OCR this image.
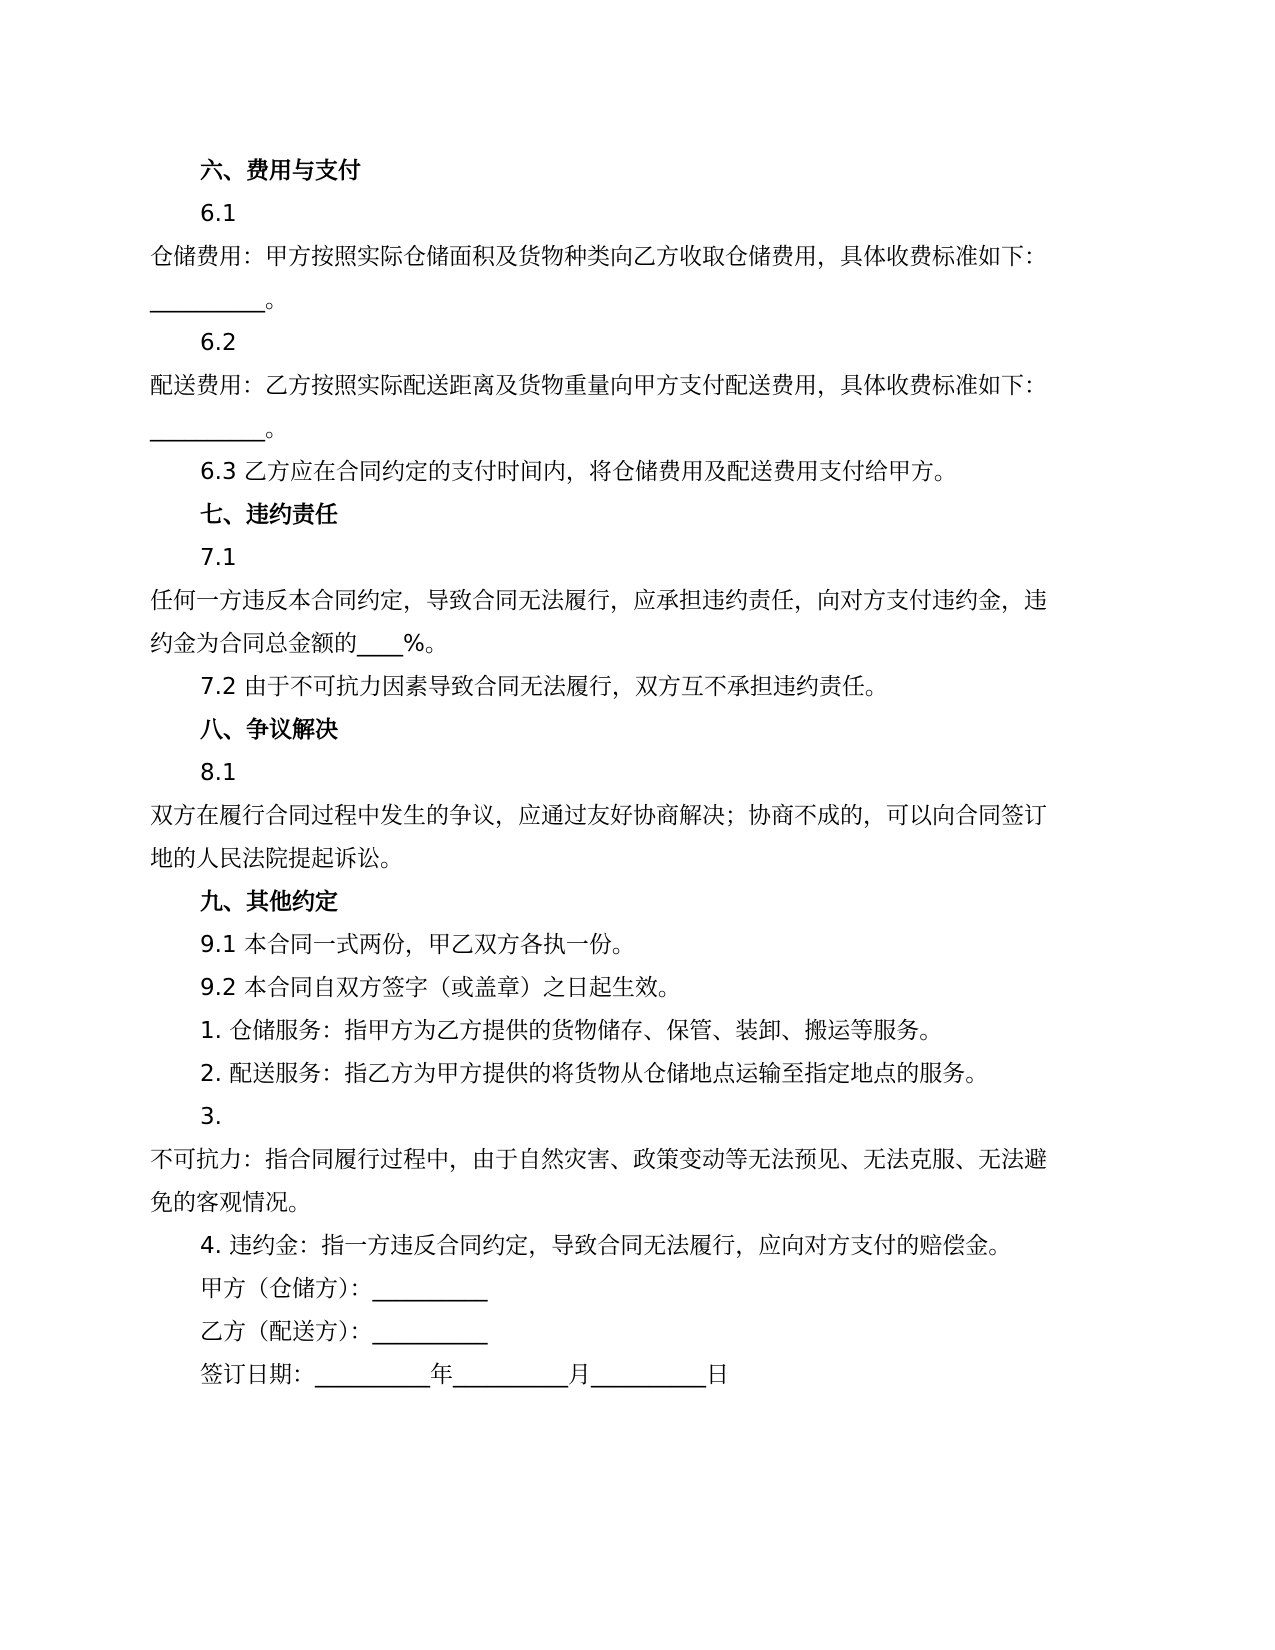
六、费用与支付
6.1
仓储费用：甲方按照实际仓储面积及货物种类向乙方收取仓储费用，具体收费标准如下：
__________。
6.2
配送费用：乙方按照实际配送距离及货物重量向甲方支付配送费用，具体收费标准如下：
__________。
6.3 乙方应在合同约定的支付时间内，将仓储费用及配送费用支付给甲方。
七、违约责任
7.1
任何一方违反本合同约定，导致合同无法履行，应承担违约责任，向对方支付违约金，违
约金为合同总金额的____%。
7.2 由于不可抗力因素导致合同无法履行，双方互不承担违约责任。
八、争议解决
8.1
双方在履行合同过程中发生的争议，应通过友好协商解决；协商不成的，可以向合同签订
地的人民法院提起诉讼。
九、其他约定
9.1 本合同一式两份，甲乙双方各执一份。
9.2 本合同自双方签字（或盖章）之日起生效。
1. 仓储服务：指甲方为乙方提供的货物储存、保管、装卸、搬运等服务。
2. 配送服务：指乙方为甲方提供的将货物从仓储地点运输至指定地点的服务。
3.
不可抗力：指合同履行过程中，由于自然灾害、政策变动等无法预见、无法克服、无法避
免的客观情况。
4. 违约金：指一方违反合同约定，导致合同无法履行，应向对方支付的赔偿金。
甲方（仓储方）：__________
乙方（配送方）：__________
签订日期：__________年__________月__________日
